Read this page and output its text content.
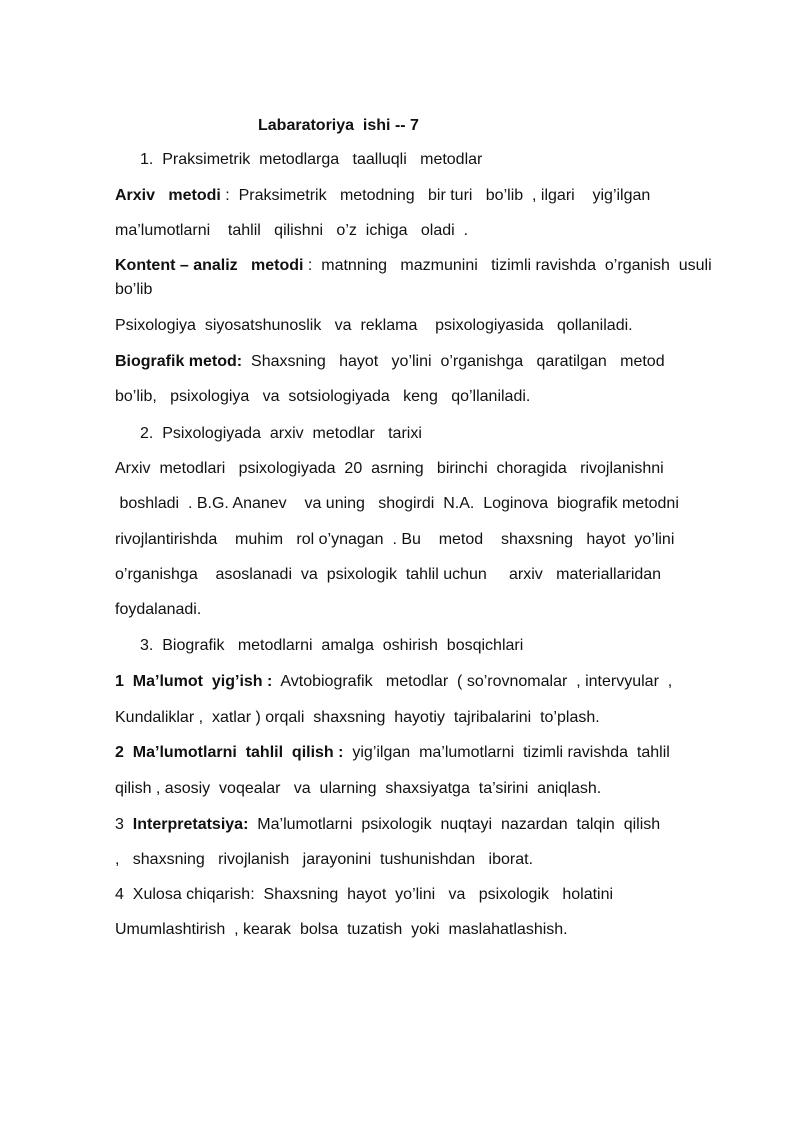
Labaratoriya  ishi -- 7
1.  Praksimetrik  metodlarga   taalluqli   metodlar
Arxiv   metodi :  Praksimetrik   metodning   bir turi   bo’lib  , ilgari    yig’ilgan
ma’lumotlarni    tahlil   qilishni   o’z  ichiga   oladi  .
Kontent – analiz   metodi :  matnning   mazmunini   tizimli ravishda  o’rganish  usuli
bo’lib
Psixologiya  siyosatshunoslik   va  reklama    psixologiyasida   qollaniladi.
Biografik metod:  Shaxsning   hayot   yo’lini  o’rganishga   qaratilgan   metod
bo’lib,   psixologiya   va  sotsiologiyada   keng   qo’llaniladi.
2.  Psixologiyada  arxiv  metodlar   tarixi
Arxiv  metodlari   psixologiyada  20  asrning   birinchi  choragida   rivojlanishni
boshladi  . B.G. Ananev    va uning   shogirdi  N.A.  Loginova  biografik metodni
rivojlantirishda    muhim   rol o’ynagan  . Bu    metod    shaxsning   hayot  yo’lini
o’rganishga    asoslanadi  va  psixologik  tahlil uchun     arxiv   materiallaridan
foydalanadi.
3.  Biografik   metodlarni  amalga  oshirish  bosqichlari
1  Ma’lumot  yig’ish :  Avtobiografik   metodlar  ( so’rovnomalar  , intervyular  ,
Kundaliklar ,  xatlar ) orqali  shaxsning  hayotiy  tajribalarini  to’plash.
2  Ma’lumotlarni  tahlil  qilish :  yig’ilgan  ma’lumotlarni  tizimli ravishda  tahlil
qilish , asosiy  voqealar   va  ularning  shaxsiyatga  ta’sirini  aniqlash.
3  Interpretatsiya:  Ma’lumotlarni  psixologik  nuqtayi  nazardan  talqin  qilish
,   shaxsning   rivojlanish   jarayonini  tushunishdan   iborat.
4  Xulosa chiqarish:  Shaxsning  hayot  yo’lini   va   psixologik   holatini
Umumlashtirish  , kearak  bolsa  tuzatish  yoki  maslahatlashish.
